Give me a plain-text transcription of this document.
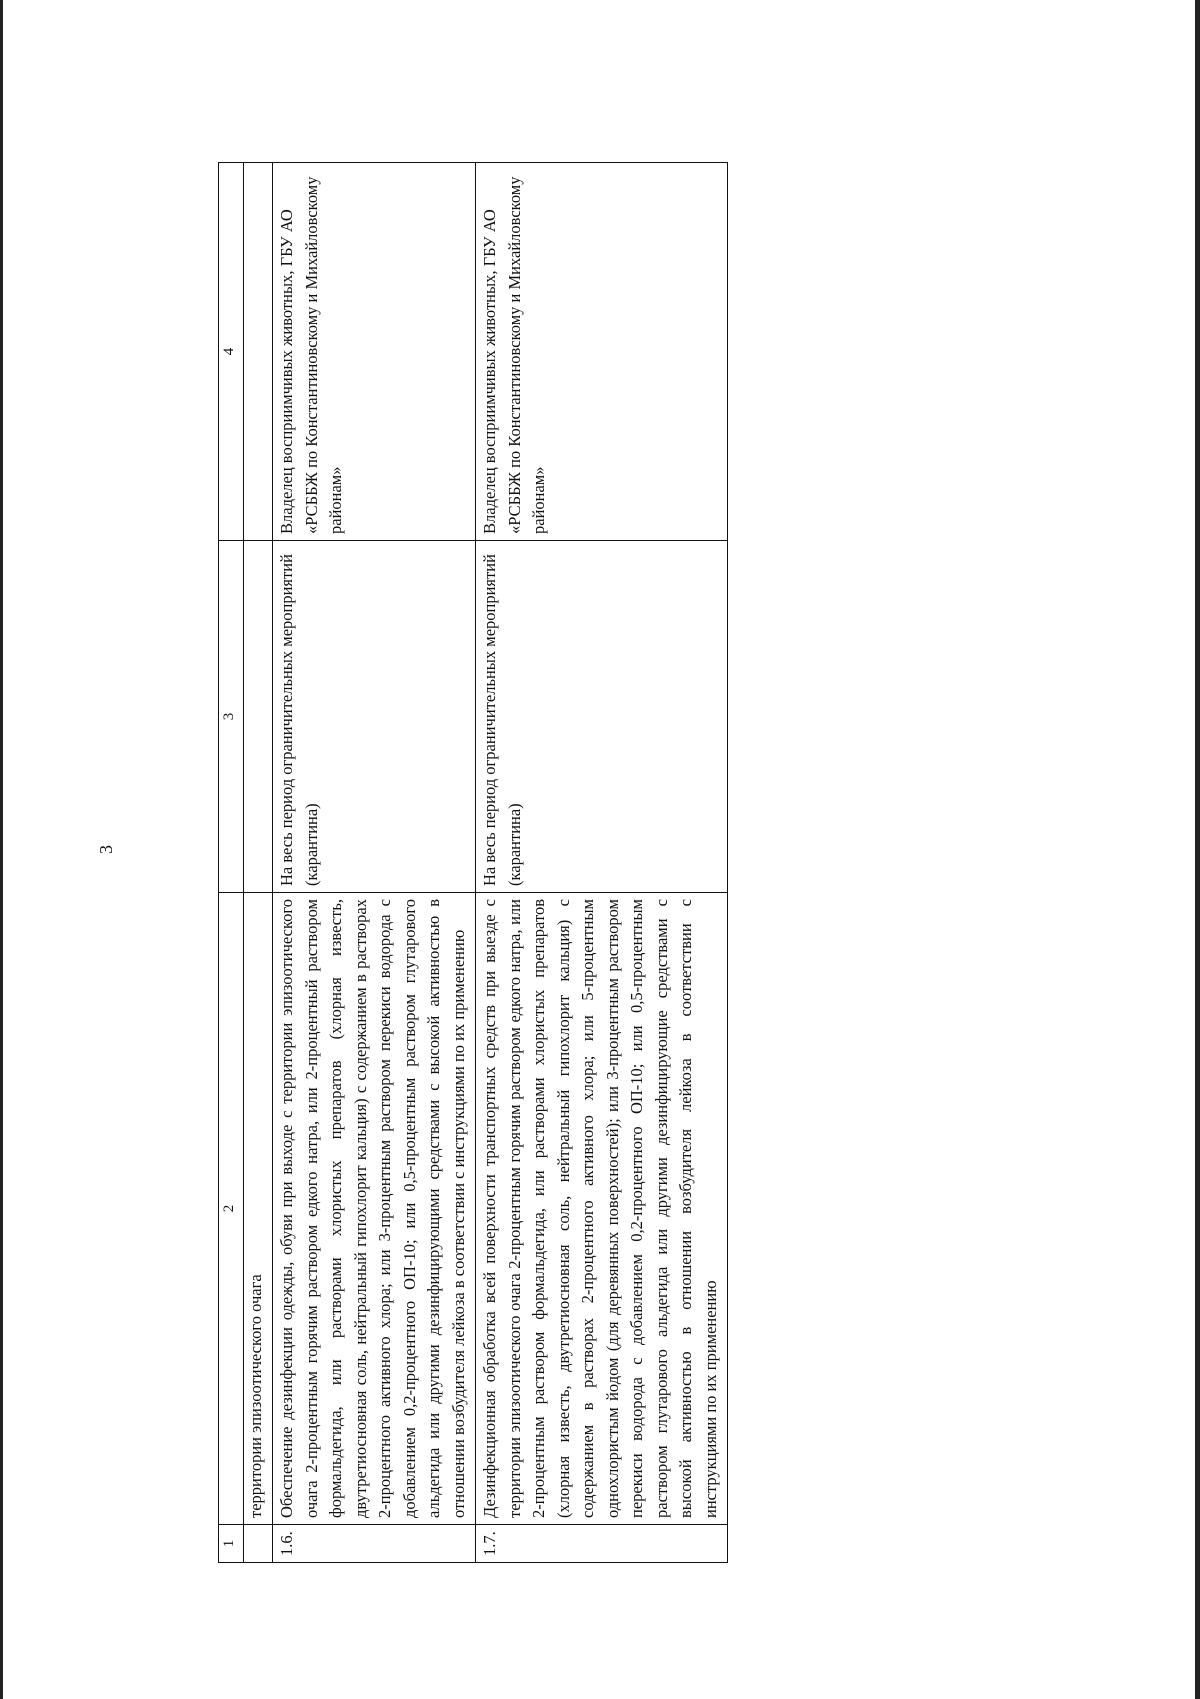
3
1	2	3	4
	территории эпизоотического очага		
1.6.	Обеспечение дезинфекции одежды, обуви при выходе с территории эпизоотического очага 2-процентным горячим раствором едкого натра, или 2-процентный раствором формальдегида, или растворами хлористых препаратов (хлорная известь, двутретиосновная соль, нейтральный гипохлорит кальция) с содержанием в растворах 2-процентного активного хлора; или 3-процентным раствором перекиси водорода с добавлением 0,2-процентного ОП-10; или 0,5-процентным раствором глутарового альдегида или другими дезинфицирующими средствами с высокой активностью в отношении возбудителя лейкоза в соответствии с инструкциями по их применению	На весь период ограничительных мероприятий (карантина)	Владелец восприимчивых животных, ГБУ АО «РСББЖ по Константиновскому и Михайловскому районам»
1.7.	Дезинфекционная обработка всей поверхности транспортных средств при выезде с территории эпизоотического очага 2-процентным горячим раствором едкого натра, или 2-процентным раствором формальдегида, или растворами хлористых препаратов (хлорная известь, двутретиосновная соль, нейтральный гипохлорит кальция) с содержанием в растворах 2-процентного активного хлора; или 5-процентным однохлористым йодом (для деревянных поверхностей); или 3-процентным раствором перекиси водорода с добавлением 0,2-процентного ОП-10; или 0,5-процентным раствором глутарового альдегида или другими дезинфицирующие средствами с высокой активностью в отношении возбудителя лейкоза в соответствии с инструкциями по их применению	На весь период ограничительных мероприятий (карантина)	Владелец восприимчивых животных, ГБУ АО «РСББЖ по Константиновскому и Михайловскому районам»
